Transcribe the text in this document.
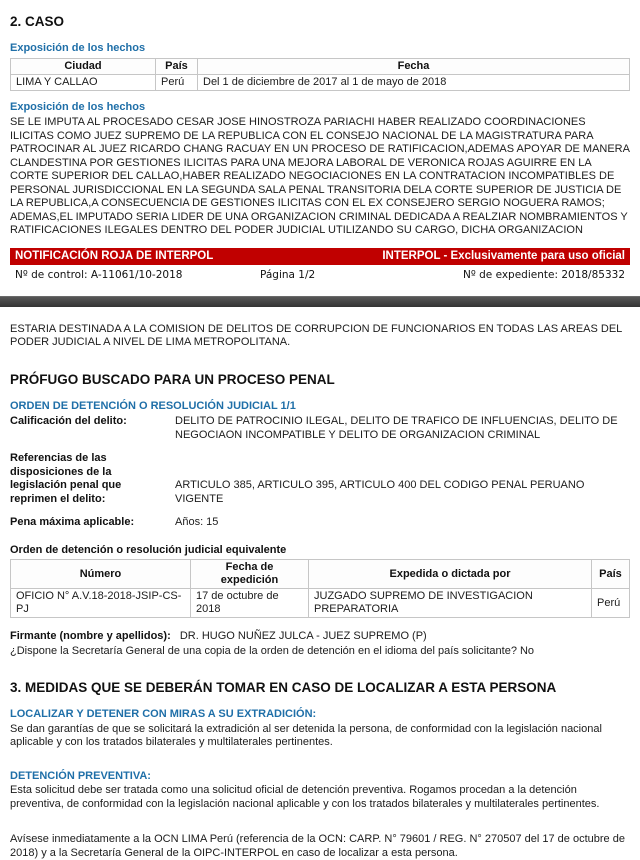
2. CASO
Exposición de los hechos
Ciudad	País	Fecha
LIMA Y CALLAO	Perú	Del 1 de diciembre de 2017 al 1 de mayo de 2018
Exposición de los hechos
SE LE IMPUTA AL PROCESADO CESAR JOSE HINOSTROZA PARIACHI HABER REALIZADO COORDINACIONES ILICITAS COMO JUEZ SUPREMO DE LA REPUBLICA CON EL CONSEJO NACIONAL DE LA MAGISTRATURA PARA PATROCINAR AL JUEZ RICARDO CHANG RACUAY EN UN PROCESO DE RATIFICACION,ADEMAS APOYAR DE MANERA CLANDESTINA POR GESTIONES ILICITAS PARA UNA MEJORA LABORAL DE VERONICA ROJAS AGUIRRE EN LA CORTE SUPERIOR DEL CALLAO,HABER REALIZADO NEGOCIACIONES EN LA CONTRATACION INCOMPATIBLES DE PERSONAL JURISDICCIONAL EN LA SEGUNDA SALA PENAL TRANSITORIA DELA CORTE SUPERIOR DE JUSTICIA DE LA REPUBLICA,A CONSECUENCIA DE GESTIONES ILICITAS CON EL EX CONSEJERO SERGIO NOGUERA RAMOS; ADEMAS,EL IMPUTADO SERIA LIDER DE UNA ORGANIZACION CRIMINAL DEDICADA A REALZIAR NOMBRAMIENTOS Y RATIFICACIONES ILEGALES DENTRO DEL PODER JUDICIAL UTILIZANDO SU CARGO, DICHA ORGANIZACION
NOTIFICACIÓN ROJA DE INTERPOL	INTERPOL - Exclusivamente para uso oficial
Nº de control: A-11061/10-2018	Página 1/2	Nº de expediente: 2018/85332
ESTARIA DESTINADA A LA COMISION DE DELITOS DE CORRUPCION DE FUNCIONARIOS EN TODAS LAS AREAS DEL PODER JUDICIAL A NIVEL DE LIMA METROPOLITANA.
PRÓFUGO BUSCADO PARA UN PROCESO PENAL
ORDEN DE DETENCIÓN O RESOLUCIÓN JUDICIAL 1/1
Calificación del delito:	DELITO DE PATROCINIO ILEGAL, DELITO DE TRAFICO DE INFLUENCIAS, DELITO DE NEGOCIAON INCOMPATIBLE Y DELITO DE ORGANIZACION CRIMINAL
Referencias de las disposiciones de la legislación penal que reprimen el delito:
ARTICULO 385, ARTICULO 395, ARTICULO 400 DEL CODIGO PENAL PERUANO VIGENTE
Pena máxima aplicable:	Años: 15
Orden de detención o resolución judicial equivalente
Número	Fecha de expedición	Expedida o dictada por	País
OFICIO N° A.V.18-2018-JSIP-CS-PJ	17 de octubre de 2018	JUZGADO SUPREMO DE INVESTIGACION PREPARATORIA	Perú
Firmante (nombre y apellidos): DR. HUGO NUÑEZ JULCA - JUEZ SUPREMO (P)
¿Dispone la Secretaría General de una copia de la orden de detención en el idioma del país solicitante? No
3. MEDIDAS QUE SE DEBERÁN TOMAR EN CASO DE LOCALIZAR A ESTA PERSONA
LOCALIZAR Y DETENER CON MIRAS A SU EXTRADICIÓN:
Se dan garantías de que se solicitará la extradición al ser detenida la persona, de conformidad con la legislación nacional aplicable y con los tratados bilaterales y multilaterales pertinentes.
DETENCIÓN PREVENTIVA:
Esta solicitud debe ser tratada como una solicitud oficial de detención preventiva. Rogamos procedan a la detención preventiva, de conformidad con la legislación nacional aplicable y con los tratados bilaterales y multilaterales pertinentes.
Avísese inmediatamente a la OCN LIMA Perú (referencia de la OCN: CARP. N° 79601 / REG. N° 270507 del 17 de octubre de 2018) y a la Secretaría General de la OIPC-INTERPOL en caso de localizar a esta persona.
